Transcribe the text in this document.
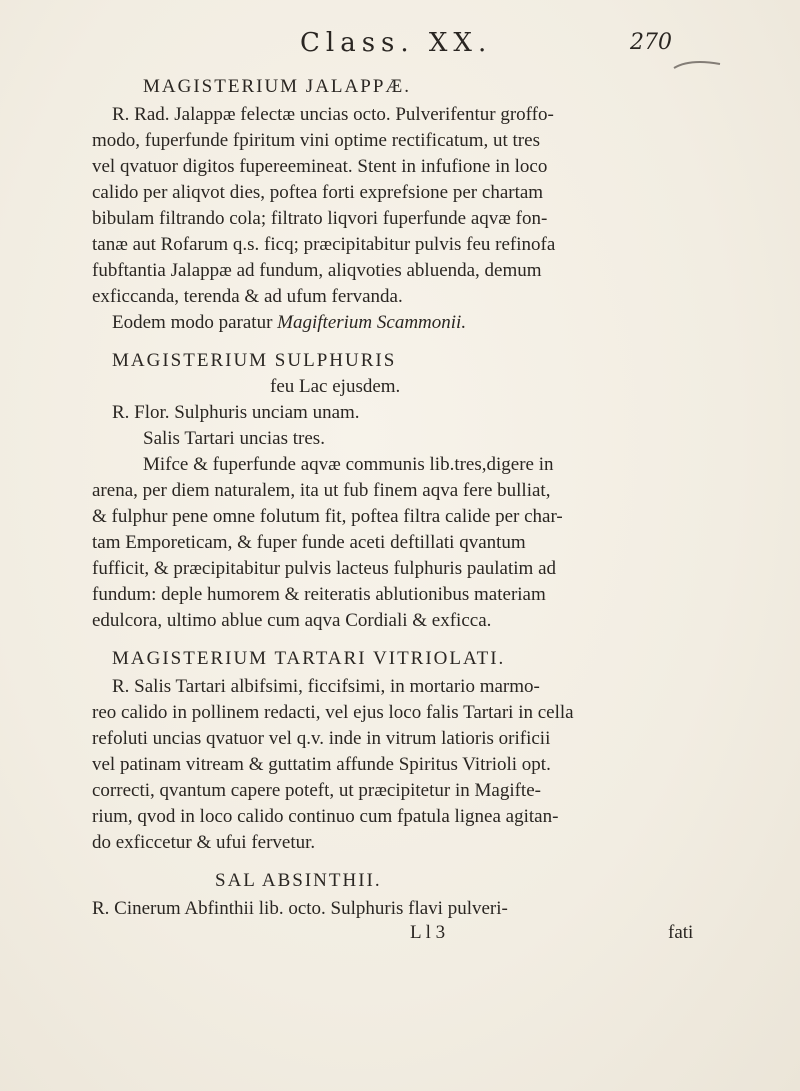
Class. XX.	270
MAGISTERIUM JALAPPÆ.
R. Rad. Jalappæ felectæ uncias octo. Pulverifentur groffo-
modo, fuperfunde fpiritum vini optime rectificatum, ut tres
vel qvatuor digitos fupereemineat. Stent in infufione in loco
calido per aliqvot dies, poftea forti exprefsione per chartam
bibulam filtrando cola; filtrato liqvori fuperfunde aqvæ fon-
tanæ aut Rofarum q.s. ficq; præcipitabitur pulvis feu refinofa
fubftantia Jalappæ ad fundum, aliqvoties abluenda, demum
exficcanda, terenda & ad ufum fervanda.
Eodem modo paratur Magifterium Scammonii.
MAGISTERIUM SULPHURIS
feu Lac ejusdem.
R. Flor. Sulphuris unciam unam.
Salis Tartari uncias tres.
Mifce & fuperfunde aqvæ communis lib.tres,digere in
arena, per diem naturalem, ita ut fub finem aqva fere bulliat,
& fulphur pene omne folutum fit, poftea filtra calide per char-
tam Emporeticam, & fuper funde aceti deftillati qvantum
fufficit, & præcipitabitur pulvis lacteus fulphuris paulatim ad
fundum: deple humorem & reiteratis ablutionibus materiam
edulcora, ultimo ablue cum aqva Cordiali & exficca.
MAGISTERIUM TARTARI VITRIOLATI.
R. Salis Tartari albifsimi, ficcifsimi, in mortario marmo-
reo calido in pollinem redacti, vel ejus loco falis Tartari in cella
refoluti uncias qvatuor vel q.v. inde in vitrum latioris orificii
vel patinam vitream & guttatim affunde Spiritus Vitrioli opt.
correcti, qvantum capere poteft, ut præcipitetur in Magifte-
rium, qvod in loco calido continuo cum fpatula lignea agitan-
do exficcetur & ufui fervetur.
SAL ABSINTHII.
R. Cinerum Abfinthii lib. octo. Sulphuris flavi pulveri-
L l 3	fati
